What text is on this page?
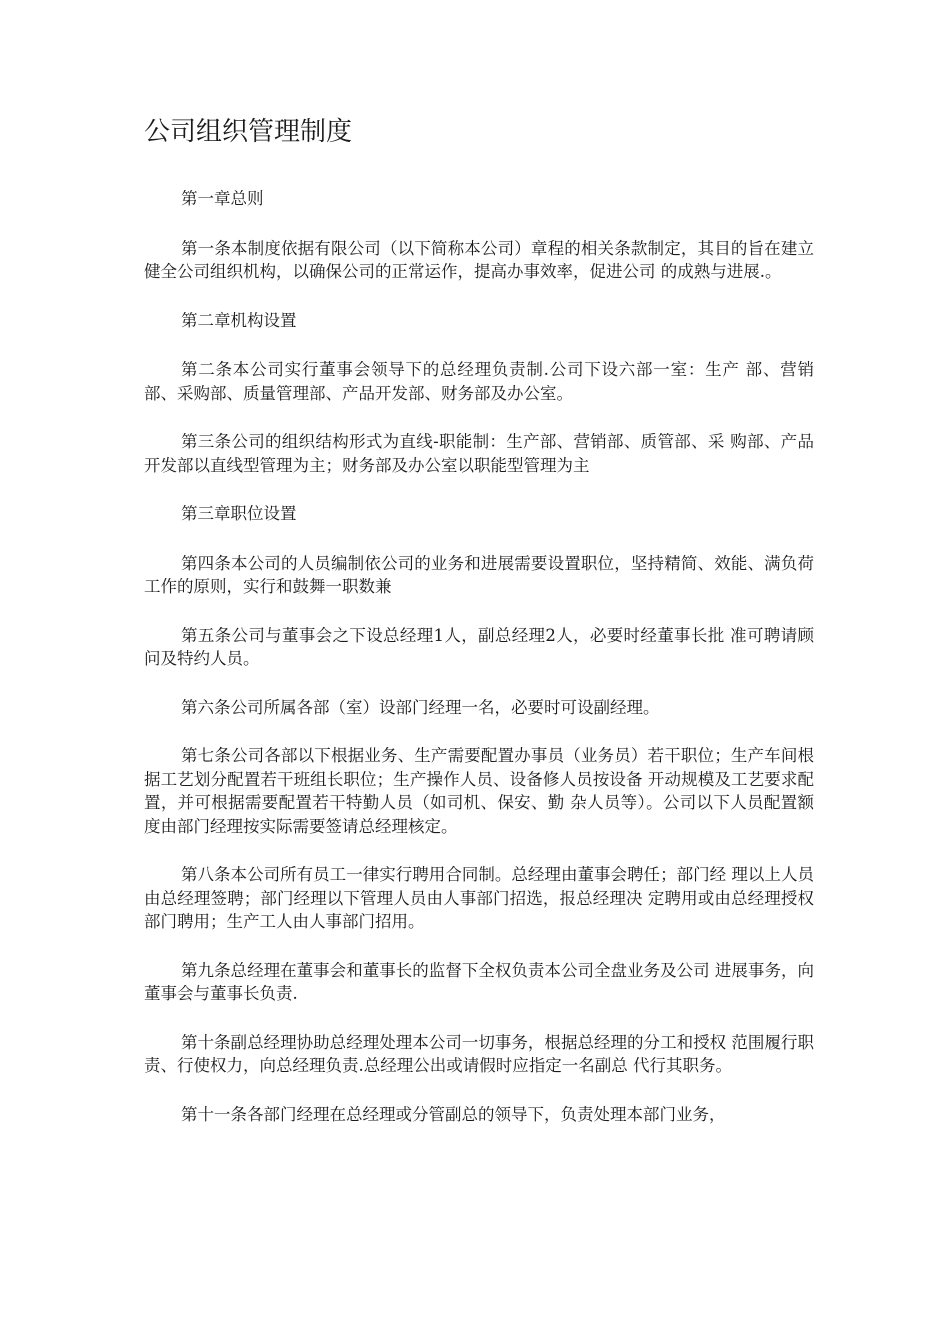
公司组织管理制度

第一章总则

第一条本制度依据有限公司（以下简称本公司）章程的相关条款制定，其目的旨在建立健全公司组织机构，以确保公司的正常运作，提高办事效率，促进公司 的成熟与进展.。

第二章机构设置

第二条本公司实行董事会领导下的总经理负责制.公司下设六部一室：生产 部、营销部、采购部、质量管理部、产品开发部、财务部及办公室。

第三条公司的组织结构形式为直线-职能制：生产部、营销部、质管部、采 购部、产品开发部以直线型管理为主；财务部及办公室以职能型管理为主

第三章职位设置

第四条本公司的人员编制依公司的业务和进展需要设置职位，坚持精简、效能、满负荷工作的原则，实行和鼓舞一职数兼

第五条公司与董事会之下设总经理1人，副总经理2人，必要时经董事长批 准可聘请顾问及特约人员。

第六条公司所属各部（室）设部门经理一名，必要时可设副经理。

第七条公司各部以下根据业务、生产需要配置办事员（业务员）若干职位；生产车间根据工艺划分配置若干班组长职位；生产操作人员、设备修人员按设备 开动规模及工艺要求配置，并可根据需要配置若干特勤人员（如司机、保安、勤 杂人员等）。公司以下人员配置额度由部门经理按实际需要签请总经理核定。

第八条本公司所有员工一律实行聘用合同制。总经理由董事会聘任；部门经 理以上人员由总经理签聘；部门经理以下管理人员由人事部门招选，报总经理决 定聘用或由总经理授权部门聘用；生产工人由人事部门招用。

第九条总经理在董事会和董事长的监督下全权负责本公司全盘业务及公司 进展事务，向董事会与董事长负责.

第十条副总经理协助总经理处理本公司一切事务，根据总经理的分工和授权 范围履行职责、行使权力，向总经理负责.总经理公出或请假时应指定一名副总 代行其职务。

第十一条各部门经理在总经理或分管副总的领导下，负责处理本部门业务，
